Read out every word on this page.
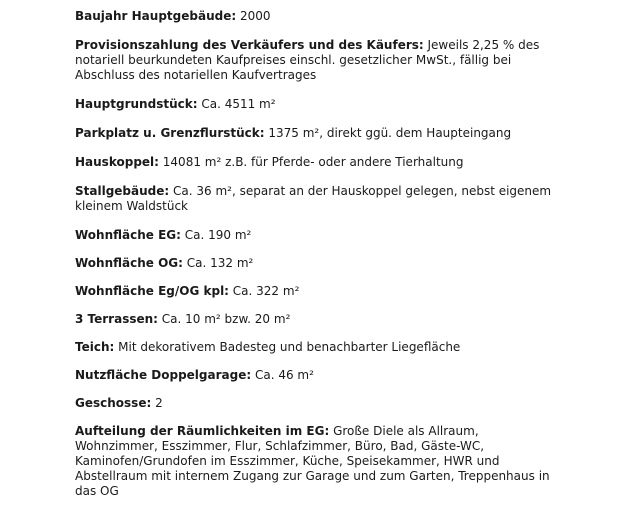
Baujahr Hauptgebäude: 2000
Provisionszahlung des Verkäufers und des Käufers: Jeweils 2,25 % des notariell beurkundeten Kaufpreises einschl. gesetzlicher MwSt., fällig bei Abschluss des notariellen Kaufvertrages
Hauptgrundstück: Ca. 4511 m²
Parkplatz u. Grenzflurstück: 1375 m², direkt ggü. dem Haupteingang
Hauskoppel: 14081 m² z.B. für Pferde- oder andere Tierhaltung
Stallgebäude: Ca. 36 m², separat an der Hauskoppel gelegen, nebst eigenem kleinem Waldstück
Wohnfläche EG: Ca. 190 m²
Wohnfläche OG: Ca. 132 m²
Wohnfläche Eg/OG kpl: Ca. 322 m²
3 Terrassen: Ca. 10 m² bzw. 20 m²
Teich: Mit dekorativem Badesteg und benachbarter Liegefläche
Nutzfläche Doppelgarage: Ca. 46 m²
Geschosse: 2
Aufteilung der Räumlichkeiten im EG: Große Diele als Allraum, Wohnzimmer, Esszimmer, Flur, Schlafzimmer, Büro, Bad, Gäste-WC, Kaminofen/Grundofen im Esszimmer, Küche, Speisekammer, HWR und Abstellraum mit internem Zugang zur Garage und zum Garten, Treppenhaus in das OG
